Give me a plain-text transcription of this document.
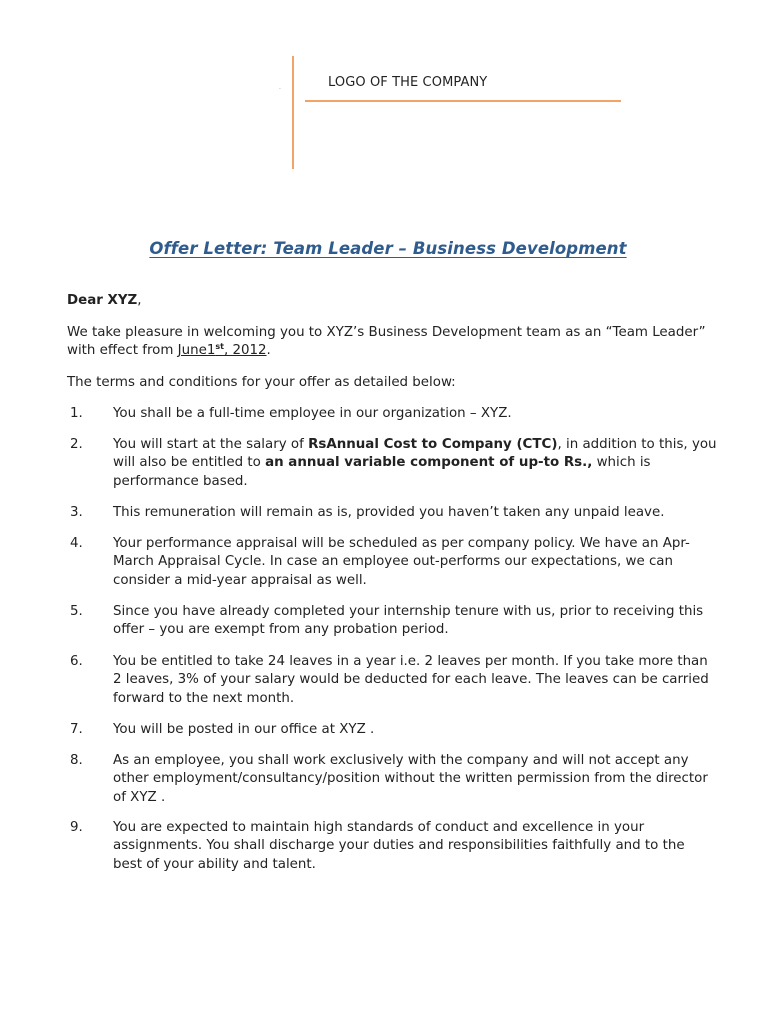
.	LOGO OF THE COMPANY
Offer Letter: Team Leader – Business Development
Dear XYZ,
We take pleasure in welcoming you to XYZ’s Business Development team as an “Team Leader” with effect from June1st, 2012.
The terms and conditions for your offer as detailed below:
1. You shall be a full-time employee in our organization – XYZ.
2. You will start at the salary of RsAnnual Cost to Company (CTC), in addition to this, you will also be entitled to an annual variable component of up-to Rs., which is performance based.
3. This remuneration will remain as is, provided you haven’t taken any unpaid leave.
4. Your performance appraisal will be scheduled as per company policy. We have an Apr-March Appraisal Cycle. In case an employee out-performs our expectations, we can consider a mid-year appraisal as well.
5. Since you have already completed your internship tenure with us, prior to receiving this offer – you are exempt from any probation period.
6. You be entitled to take 24 leaves in a year i.e. 2 leaves per month. If you take more than 2 leaves, 3% of your salary would be deducted for each leave. The leaves can be carried forward to the next month.
7. You will be posted in our office at XYZ .
8. As an employee, you shall work exclusively with the company and will not accept any other employment/consultancy/position without the written permission from the director of XYZ .
9. You are expected to maintain high standards of conduct and excellence in your assignments. You shall discharge your duties and responsibilities faithfully and to the best of your ability and talent.
